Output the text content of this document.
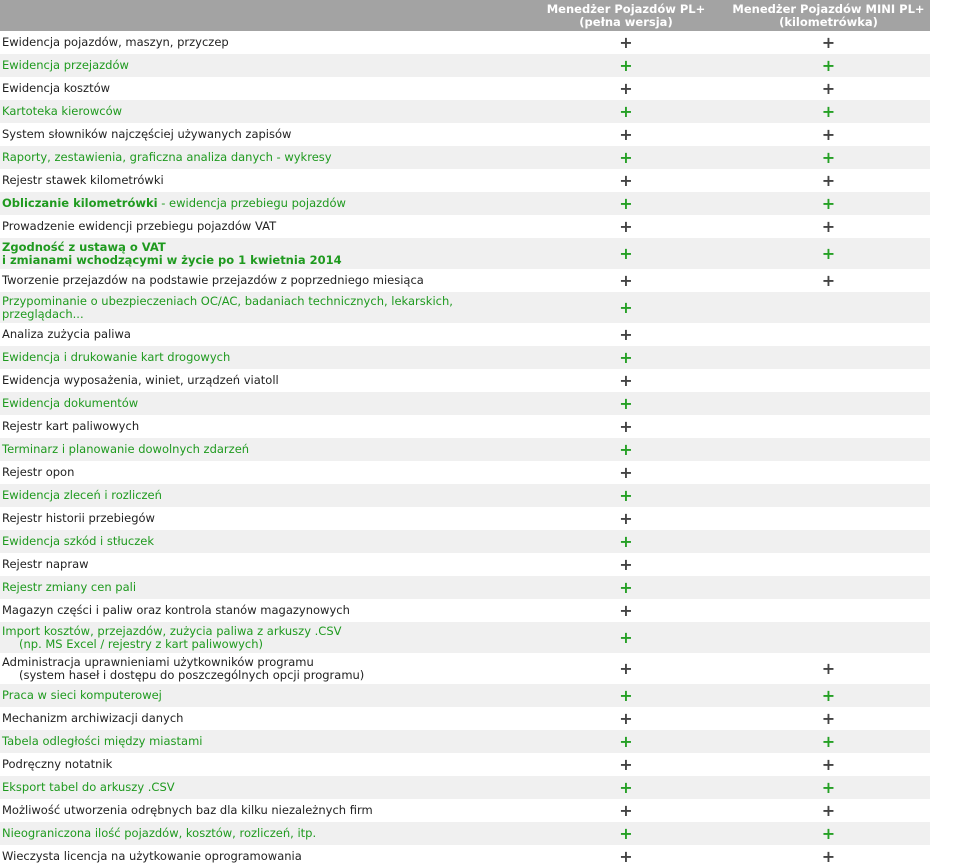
Menedżer Pojazdów PL+
(pełna wersja)
Menedżer Pojazdów MINI PL+
(kilometrówka)
Ewidencja pojazdów, maszyn, przyczep	+	+
Ewidencja przejazdów	+	+
Ewidencja kosztów	+	+
Kartoteka kierowców	+	+
System słowników najczęściej używanych zapisów	+	+
Raporty, zestawienia, graficzna analiza danych - wykresy	+	+
Rejestr stawek kilometrówki	+	+
Obliczanie kilometrówki - ewidencja przebiegu pojazdów	+	+
Prowadzenie ewidencji przebiegu pojazdów VAT	+	+
Zgodność z ustawą o VAT
i zmianami wchodzącymi w życie po 1 kwietnia 2014	+	+
Tworzenie przejazdów na podstawie przejazdów z poprzedniego miesiąca	+	+
Przypominanie o ubezpieczeniach OC/AC, badaniach technicznych, lekarskich,
przeglądach...	+
Analiza zużycia paliwa	+
Ewidencja i drukowanie kart drogowych	+
Ewidencja wyposażenia, winiet, urządzeń viatoll	+
Ewidencja dokumentów	+
Rejestr kart paliwowych	+
Terminarz i planowanie dowolnych zdarzeń	+
Rejestr opon	+
Ewidencja zleceń i rozliczeń	+
Rejestr historii przebiegów	+
Ewidencja szkód i stłuczek	+
Rejestr napraw	+
Rejestr zmiany cen pali	+
Magazyn części i paliw oraz kontrola stanów magazynowych	+
Import kosztów, przejazdów, zużycia paliwa z arkuszy .CSV
(np. MS Excel / rejestry z kart paliwowych)	+
Administracja uprawnieniami użytkowników programu
(system haseł i dostępu do poszczególnych opcji programu)	+	+
Praca w sieci komputerowej	+	+
Mechanizm archiwizacji danych	+	+
Tabela odległości między miastami	+	+
Podręczny notatnik	+	+
Eksport tabel do arkuszy .CSV	+	+
Możliwość utworzenia odrębnych baz dla kilku niezależnych firm	+	+
Nieograniczona ilość pojazdów, kosztów, rozliczeń, itp.	+	+
Wieczysta licencja na użytkowanie oprogramowania	+	+
